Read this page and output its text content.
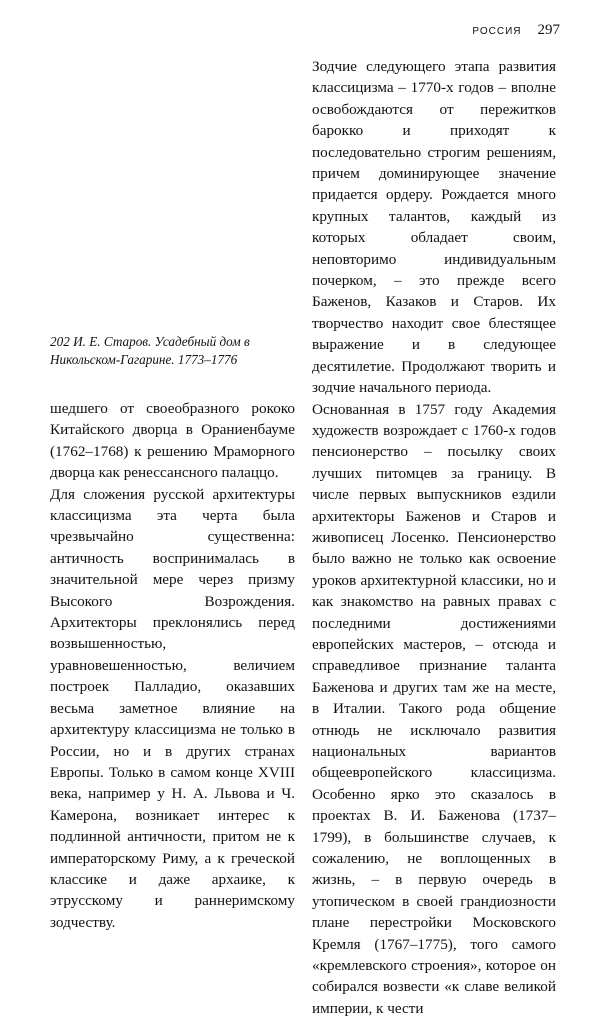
РОССИЯ 297
202 И. Е. Старов. Усадебный дом в Никольском-Гагарине. 1773–1776

шедшего от своеобразного рококо Китайского дворца в Ораниенбауме (1762–1768) к решению Мраморного дворца как ренессансного палаццо.

Для сложения русской архитектуры классицизма эта черта была чрезвычайно существенна: античность воспринималась в значительной мере через призму Высокого Возрождения. Архитекторы преклонялись перед возвышенностью, уравновешенностью, величием построек Палладио, оказавших весьма заметное влияние на архитектуру классицизма не только в России, но и в других странах Европы. Только в самом конце XVIII века, например у Н. А. Львова и Ч. Камерона, возникает интерес к подлинной античности, притом не к императорскому Риму, а к греческой классике и даже архаике, к этрусскому и раннеримскому зодчеству.

Зодчие следующего этапа развития классицизма – 1770-х годов – вполне освобождаются от пережитков барокко и приходят к последовательно строгим решениям, причем доминирующее значение придается ордеру. Рождается много крупных талантов, каждый из которых обладает своим, неповторимо индивидуальным почерком, – это прежде всего Баженов, Казаков и Старов. Их творчество находит свое блестящее выражение и в следующее десятилетие. Продолжают творить и зодчие начального периода.

Основанная в 1757 году Академия художеств возрождает с 1760-х годов пенсионерство – посылку своих лучших питомцев за границу. В числе первых выпускников ездили архитекторы Баженов и Старов и живописец Лосенко. Пенсионерство было важно не только как освоение уроков архитектурной классики, но и как знакомство на равных правах с последними достижениями европейских мастеров, – отсюда и справедливое признание таланта Баженова и других там же на месте, в Италии. Такого рода общение отнюдь не исключало развития национальных вариантов общеевропейского классицизма. Особенно ярко это сказалось в проектах В. И. Баженова (1737–1799), в большинстве случаев, к сожалению, не воплощенных в жизнь, – в первую очередь в утопическом в своей грандиозности плане перестройки Московского Кремля (1767–1775), того самого «кремлевского строения», которое он собирался возвести «к славе великой империи, к чести
